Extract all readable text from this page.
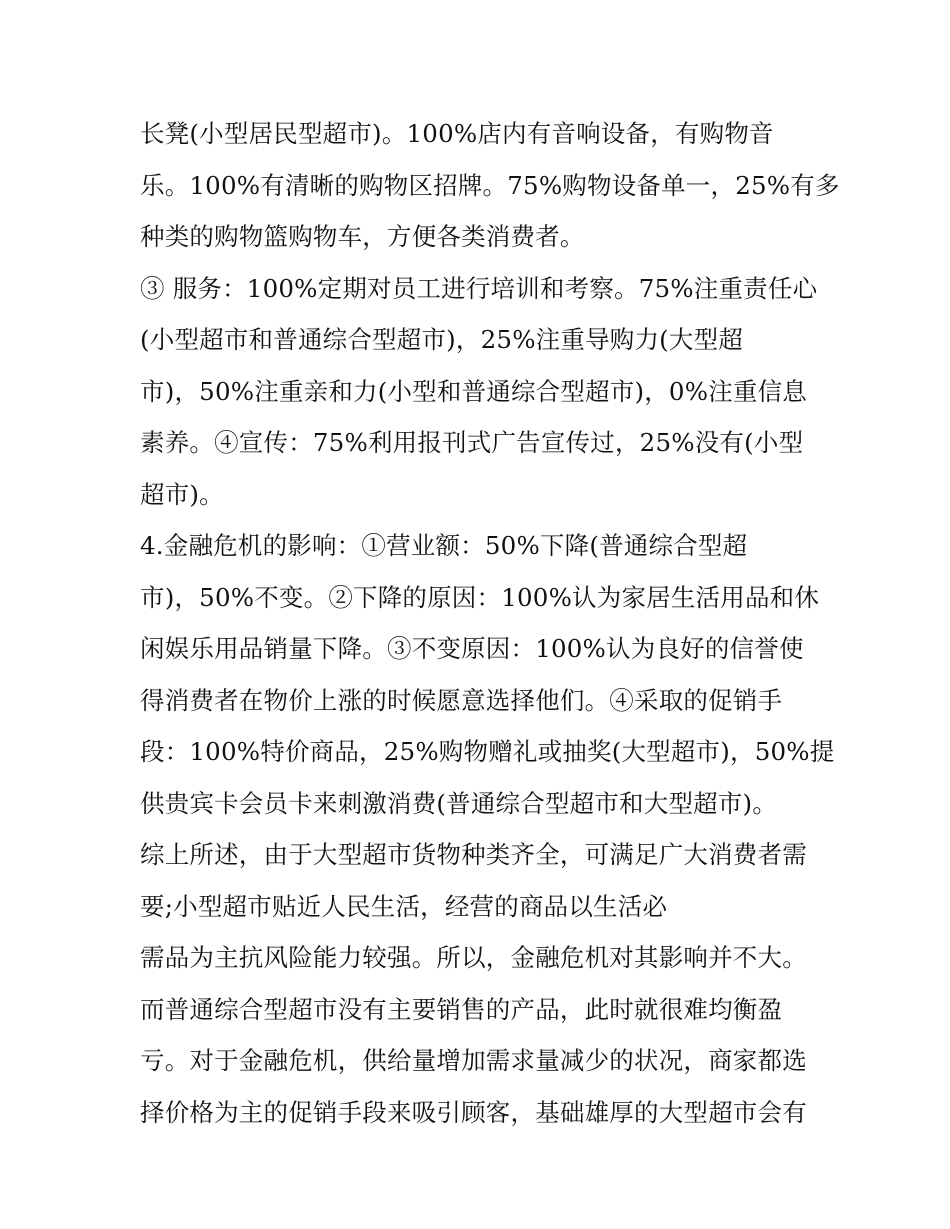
长凳(小型居民型超市)。100%店内有音响设备，有购物音
乐。100%有清晰的购物区招牌。75%购物设备单一，25%有多
种类的购物篮购物车，方便各类消费者。
③ 服务：100%定期对员工进行培训和考察。75%注重责任心
(小型超市和普通综合型超市)，25%注重导购力(大型超
市)，50%注重亲和力(小型和普通综合型超市)，0%注重信息
素养。④宣传：75%利用报刊式广告宣传过，25%没有(小型
超市)。
4.金融危机的影响：①营业额：50%下降(普通综合型超
市)，50%不变。②下降的原因：100%认为家居生活用品和休
闲娱乐用品销量下降。③不变原因：100%认为良好的信誉使
得消费者在物价上涨的时候愿意选择他们。④采取的促销手
段：100%特价商品，25%购物赠礼或抽奖(大型超市)，50%提
供贵宾卡会员卡来刺激消费(普通综合型超市和大型超市)。
综上所述，由于大型超市货物种类齐全，可满足广大消费者需
要;小型超市贴近人民生活，经营的商品以生活必
需品为主抗风险能力较强。所以，金融危机对其影响并不大。
而普通综合型超市没有主要销售的产品，此时就很难均衡盈
亏。对于金融危机，供给量增加需求量减少的状况，商家都选
择价格为主的促销手段来吸引顾客，基础雄厚的大型超市会有
